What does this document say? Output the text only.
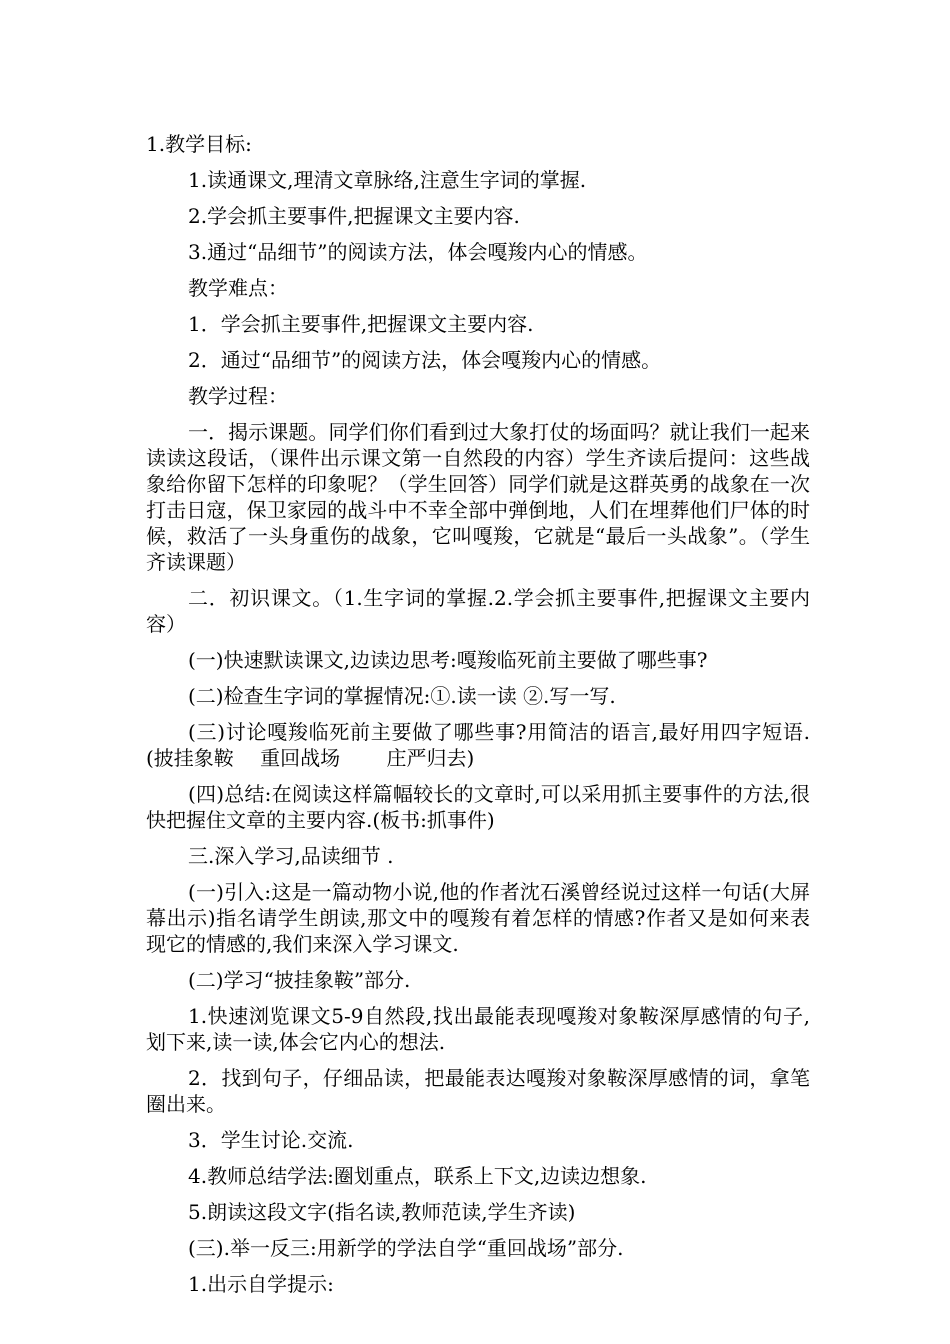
1.教学目标:

1.读通课文,理清文章脉络,注意生字词的掌握.

2.学会抓主要事件,把握课文主要内容.

3.通过“品细节”的阅读方法，体会嘎羧内心的情感。

教学难点：

1．学会抓主要事件,把握课文主要内容.

2．通过“品细节”的阅读方法，体会嘎羧内心的情感。

教学过程：

一．揭示课题。同学们你们看到过大象打仗的场面吗？就让我们一起来读读这段话，（课件出示课文第一自然段的内容）学生齐读后提问：这些战象给你留下怎样的印象呢？（学生回答）同学们就是这群英勇的战象在一次打击日寇，保卫家园的战斗中不幸全部中弹倒地，人们在埋葬他们尸体的时候，救活了一头身重伤的战象，它叫嘎羧，它就是“最后一头战象”。（学生齐读课题）

二．初识课文。（1.生字词的掌握.2.学会抓主要事件,把握课文主要内容）

(一)快速默读课文,边读边思考:嘎羧临死前主要做了哪些事?

(二)检查生字词的掌握情况:①.读一读 ②.写一写.

(三)讨论嘎羧临死前主要做了哪些事?用简洁的语言,最好用四字短语.(披挂象鞍　 重回战场　　 庄严归去)

(四)总结:在阅读这样篇幅较长的文章时,可以采用抓主要事件的方法,很快把握住文章的主要内容.(板书:抓事件)

三.深入学习,品读细节 .

(一)引入:这是一篇动物小说,他的作者沈石溪曾经说过这样一句话(大屏幕出示)指名请学生朗读,那文中的嘎羧有着怎样的情感?作者又是如何来表现它的情感的,我们来深入学习课文.

(二)学习“披挂象鞍”部分.

1.快速浏览课文5-9自然段,找出最能表现嘎羧对象鞍深厚感情的句子,划下来,读一读,体会它内心的想法.

2．找到句子，仔细品读，把最能表达嘎羧对象鞍深厚感情的词，拿笔圈出来。

3．学生讨论.交流.

4.教师总结学法:圈划重点，联系上下文,边读边想象.

5.朗读这段文字(指名读,教师范读,学生齐读)

(三).举一反三:用新学的学法自学“重回战场”部分.

1.出示自学提示:
